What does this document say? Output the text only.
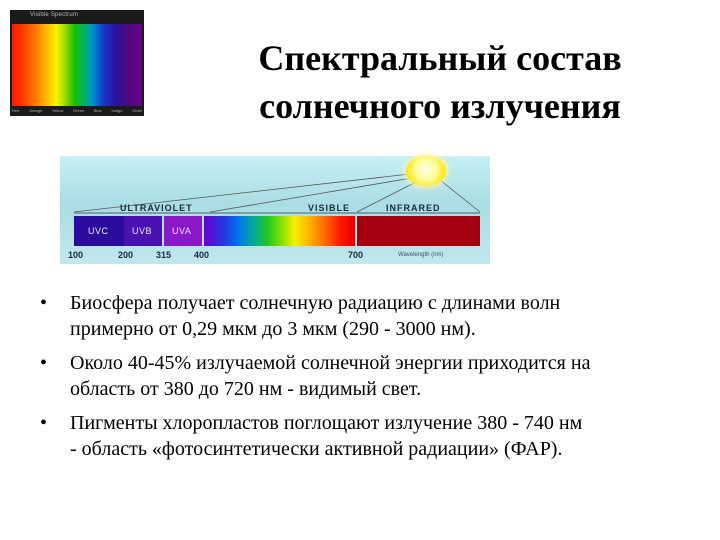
Visible Spectrum
Red Orange Yellow Green Blue Indigo Violet
Спектральный состав
солнечного излучения
ULTRAVIOLET	VISIBLE	INFRARED
UVC	UVB UVA
100	200	315	400	700	Wavelength (nm)
• Биосфера получает солнечную радиацию с длинами волн
примерно от 0,29 мкм до 3 мкм (290 - 3000 нм).
• Около 40-45% излучаемой солнечной энергии приходится на
область от 380 до 720 нм - видимый свет.
• Пигменты хлоропластов поглощают излучение 380 - 740 нм
- область «фотосинтетически активной радиации» (ФАР).
